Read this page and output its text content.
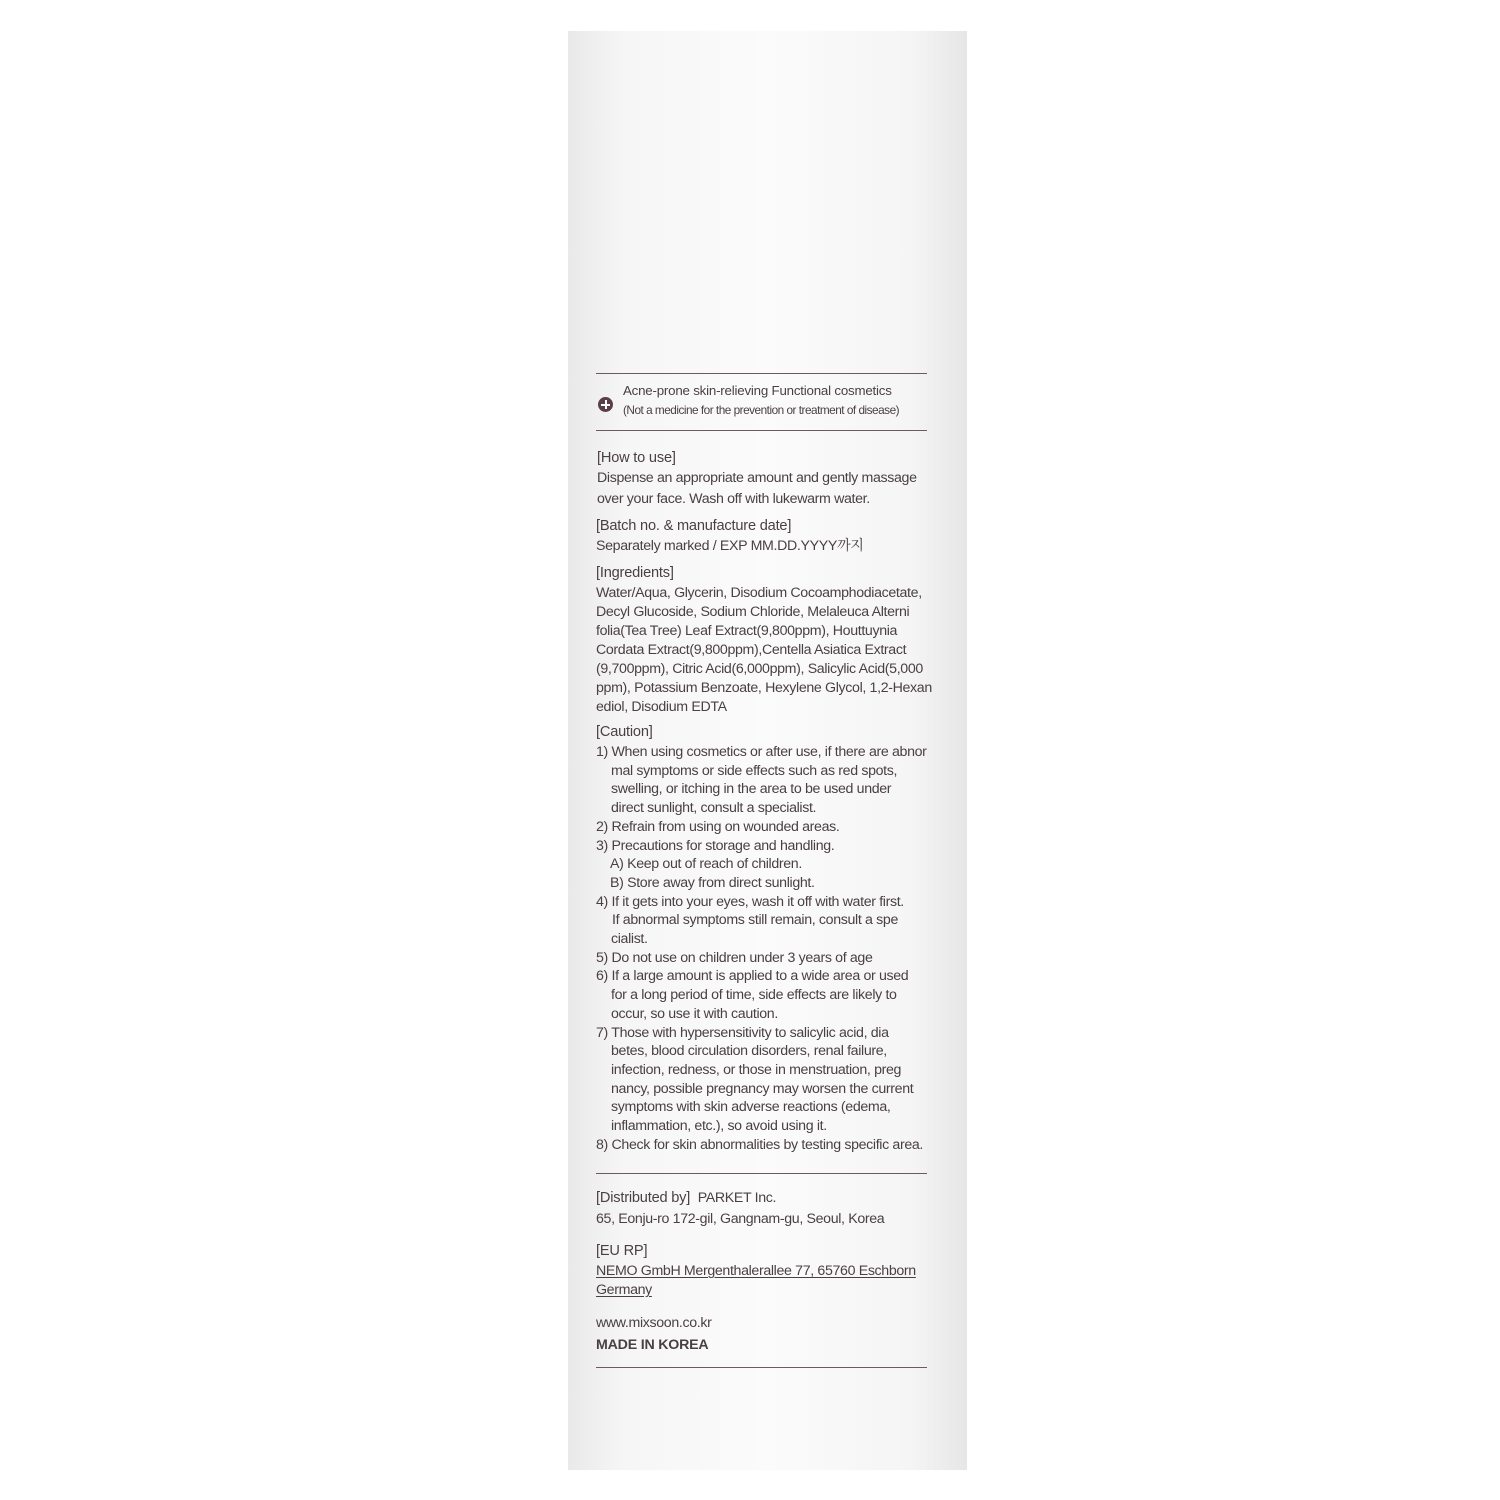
Acne-prone skin-relieving Functional cosmetics
(Not a medicine for the prevention or treatment of disease)
[How to use]
Dispense an appropriate amount and gently massage
over your face. Wash off with lukewarm water.
[Batch no. & manufacture date]
Separately marked / EXP MM.DD.YYYY까지
[Ingredients]
Water/Aqua, Glycerin, Disodium Cocoamphodiacetate,
Decyl Glucoside, Sodium Chloride, Melaleuca Alterni
folia(Tea Tree) Leaf Extract(9,800ppm), Houttuynia
Cordata Extract(9,800ppm),Centella Asiatica Extract
(9,700ppm), Citric Acid(6,000ppm), Salicylic Acid(5,000
ppm), Potassium Benzoate, Hexylene Glycol, 1,2-Hexan
ediol, Disodium EDTA
[Caution]
1) When using cosmetics or after use, if there are abnor
mal symptoms or side effects such as red spots,
swelling, or itching in the area to be used under
direct sunlight, consult a specialist.
2) Refrain from using on wounded areas.
3) Precautions for storage and handling.
A) Keep out of reach of children.
B) Store away from direct sunlight.
4) If it gets into your eyes, wash it off with water first.
If abnormal symptoms still remain, consult a spe
cialist.
5) Do not use on children under 3 years of age
6) If a large amount is applied to a wide area or used
for a long period of time, side effects are likely to
occur, so use it with caution.
7) Those with hypersensitivity to salicylic acid, dia
betes, blood circulation disorders, renal failure,
infection, redness, or those in menstruation, preg
nancy, possible pregnancy may worsen the current
symptoms with skin adverse reactions (edema,
inflammation, etc.), so avoid using it.
8) Check for skin abnormalities by testing specific area.
[Distributed by] PARKET Inc.
65, Eonju-ro 172-gil, Gangnam-gu, Seoul, Korea
[EU RP]
NEMO GmbH Mergenthalerallee 77, 65760 Eschborn
Germany
www.mixsoon.co.kr
MADE IN KOREA
